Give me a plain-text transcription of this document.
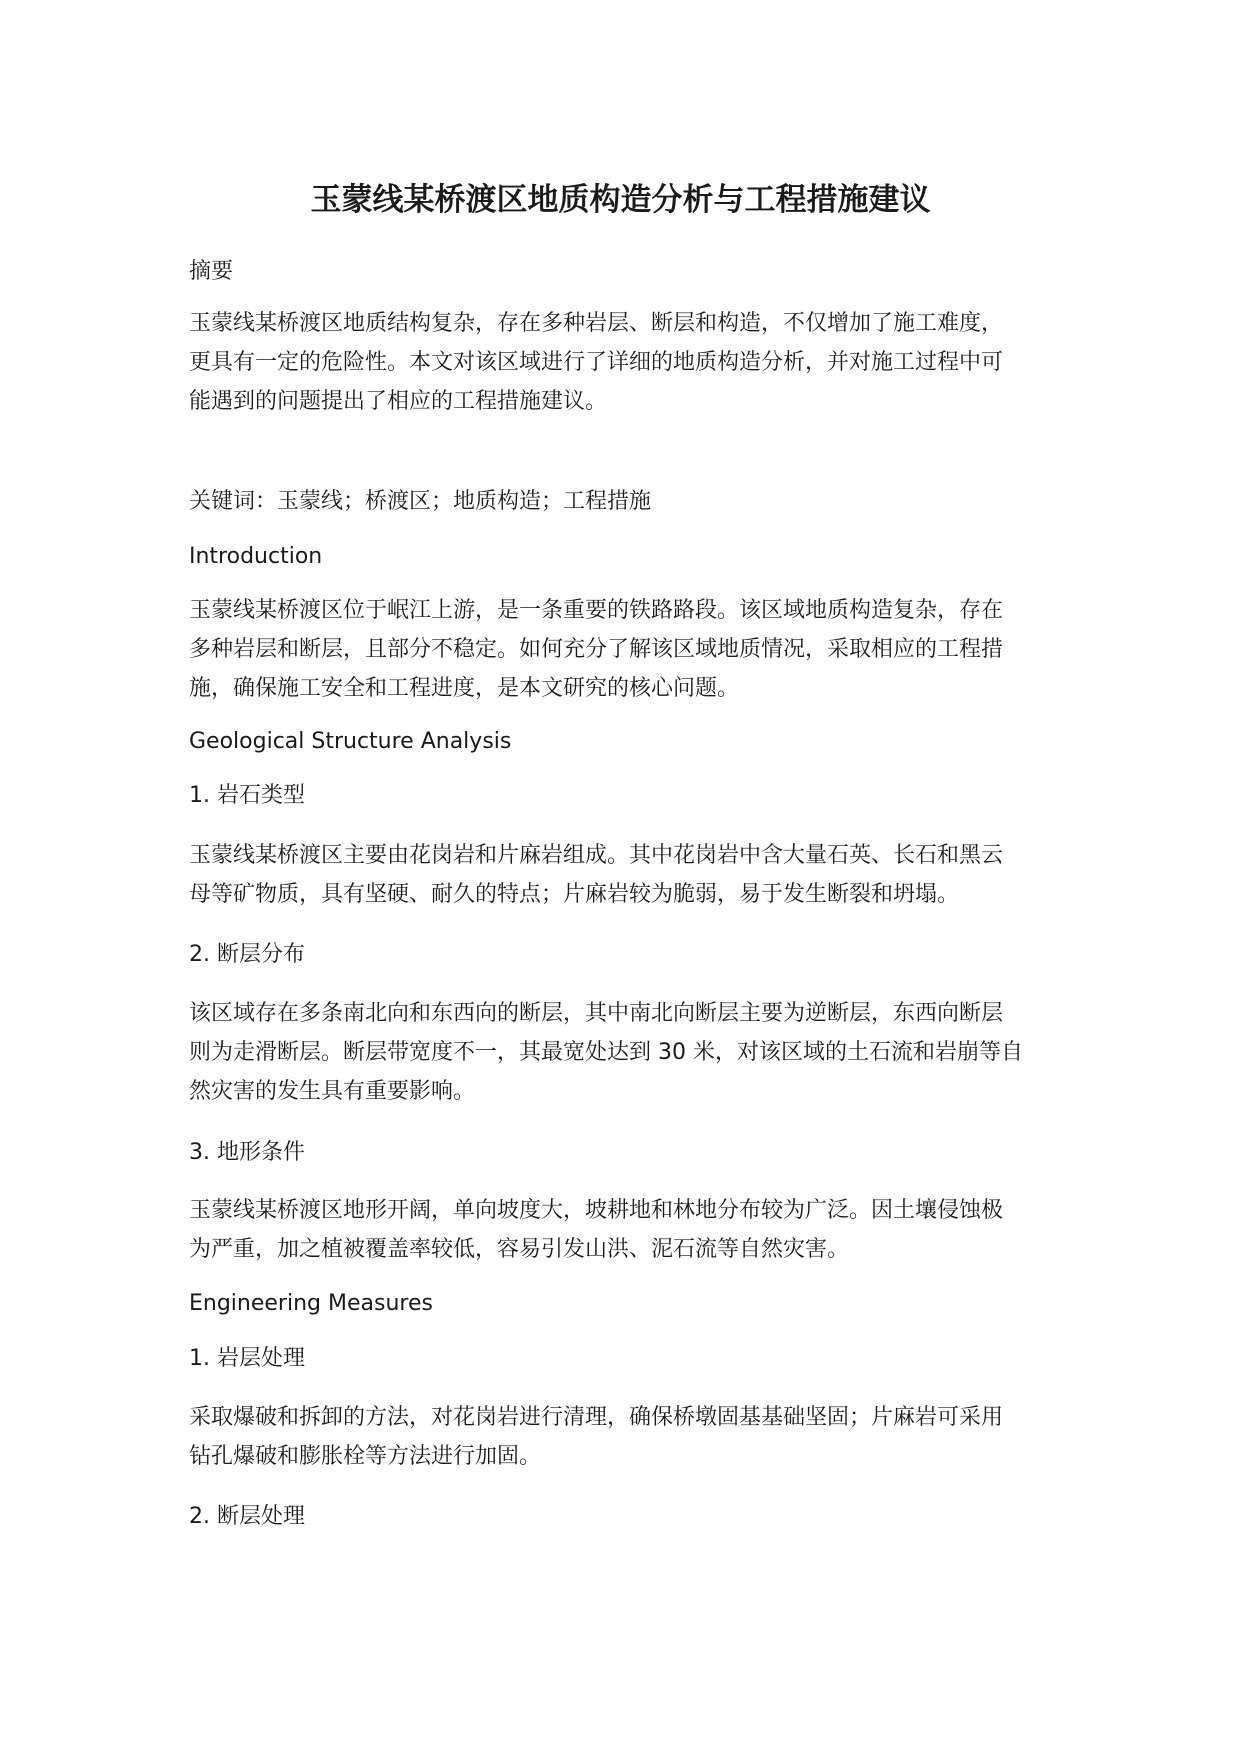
玉蒙线某桥渡区地质构造分析与工程措施建议

摘要

玉蒙线某桥渡区地质结构复杂，存在多种岩层、断层和构造，不仅增加了施工难度，
更具有一定的危险性。本文对该区域进行了详细的地质构造分析，并对施工过程中可
能遇到的问题提出了相应的工程措施建议。

关键词：玉蒙线；桥渡区；地质构造；工程措施

Introduction

玉蒙线某桥渡区位于岷江上游，是一条重要的铁路路段。该区域地质构造复杂，存在
多种岩层和断层，且部分不稳定。如何充分了解该区域地质情况，采取相应的工程措
施，确保施工安全和工程进度，是本文研究的核心问题。

Geological Structure Analysis

1. 岩石类型

玉蒙线某桥渡区主要由花岗岩和片麻岩组成。其中花岗岩中含大量石英、长石和黑云
母等矿物质，具有坚硬、耐久的特点；片麻岩较为脆弱，易于发生断裂和坍塌。

2. 断层分布

该区域存在多条南北向和东西向的断层，其中南北向断层主要为逆断层，东西向断层
则为走滑断层。断层带宽度不一，其最宽处达到 30 米，对该区域的土石流和岩崩等自
然灾害的发生具有重要影响。

3. 地形条件

玉蒙线某桥渡区地形开阔，单向坡度大，坡耕地和林地分布较为广泛。因土壤侵蚀极
为严重，加之植被覆盖率较低，容易引发山洪、泥石流等自然灾害。

Engineering Measures

1. 岩层处理

采取爆破和拆卸的方法，对花岗岩进行清理，确保桥墩固基基础坚固；片麻岩可采用
钻孔爆破和膨胀栓等方法进行加固。

2. 断层处理
